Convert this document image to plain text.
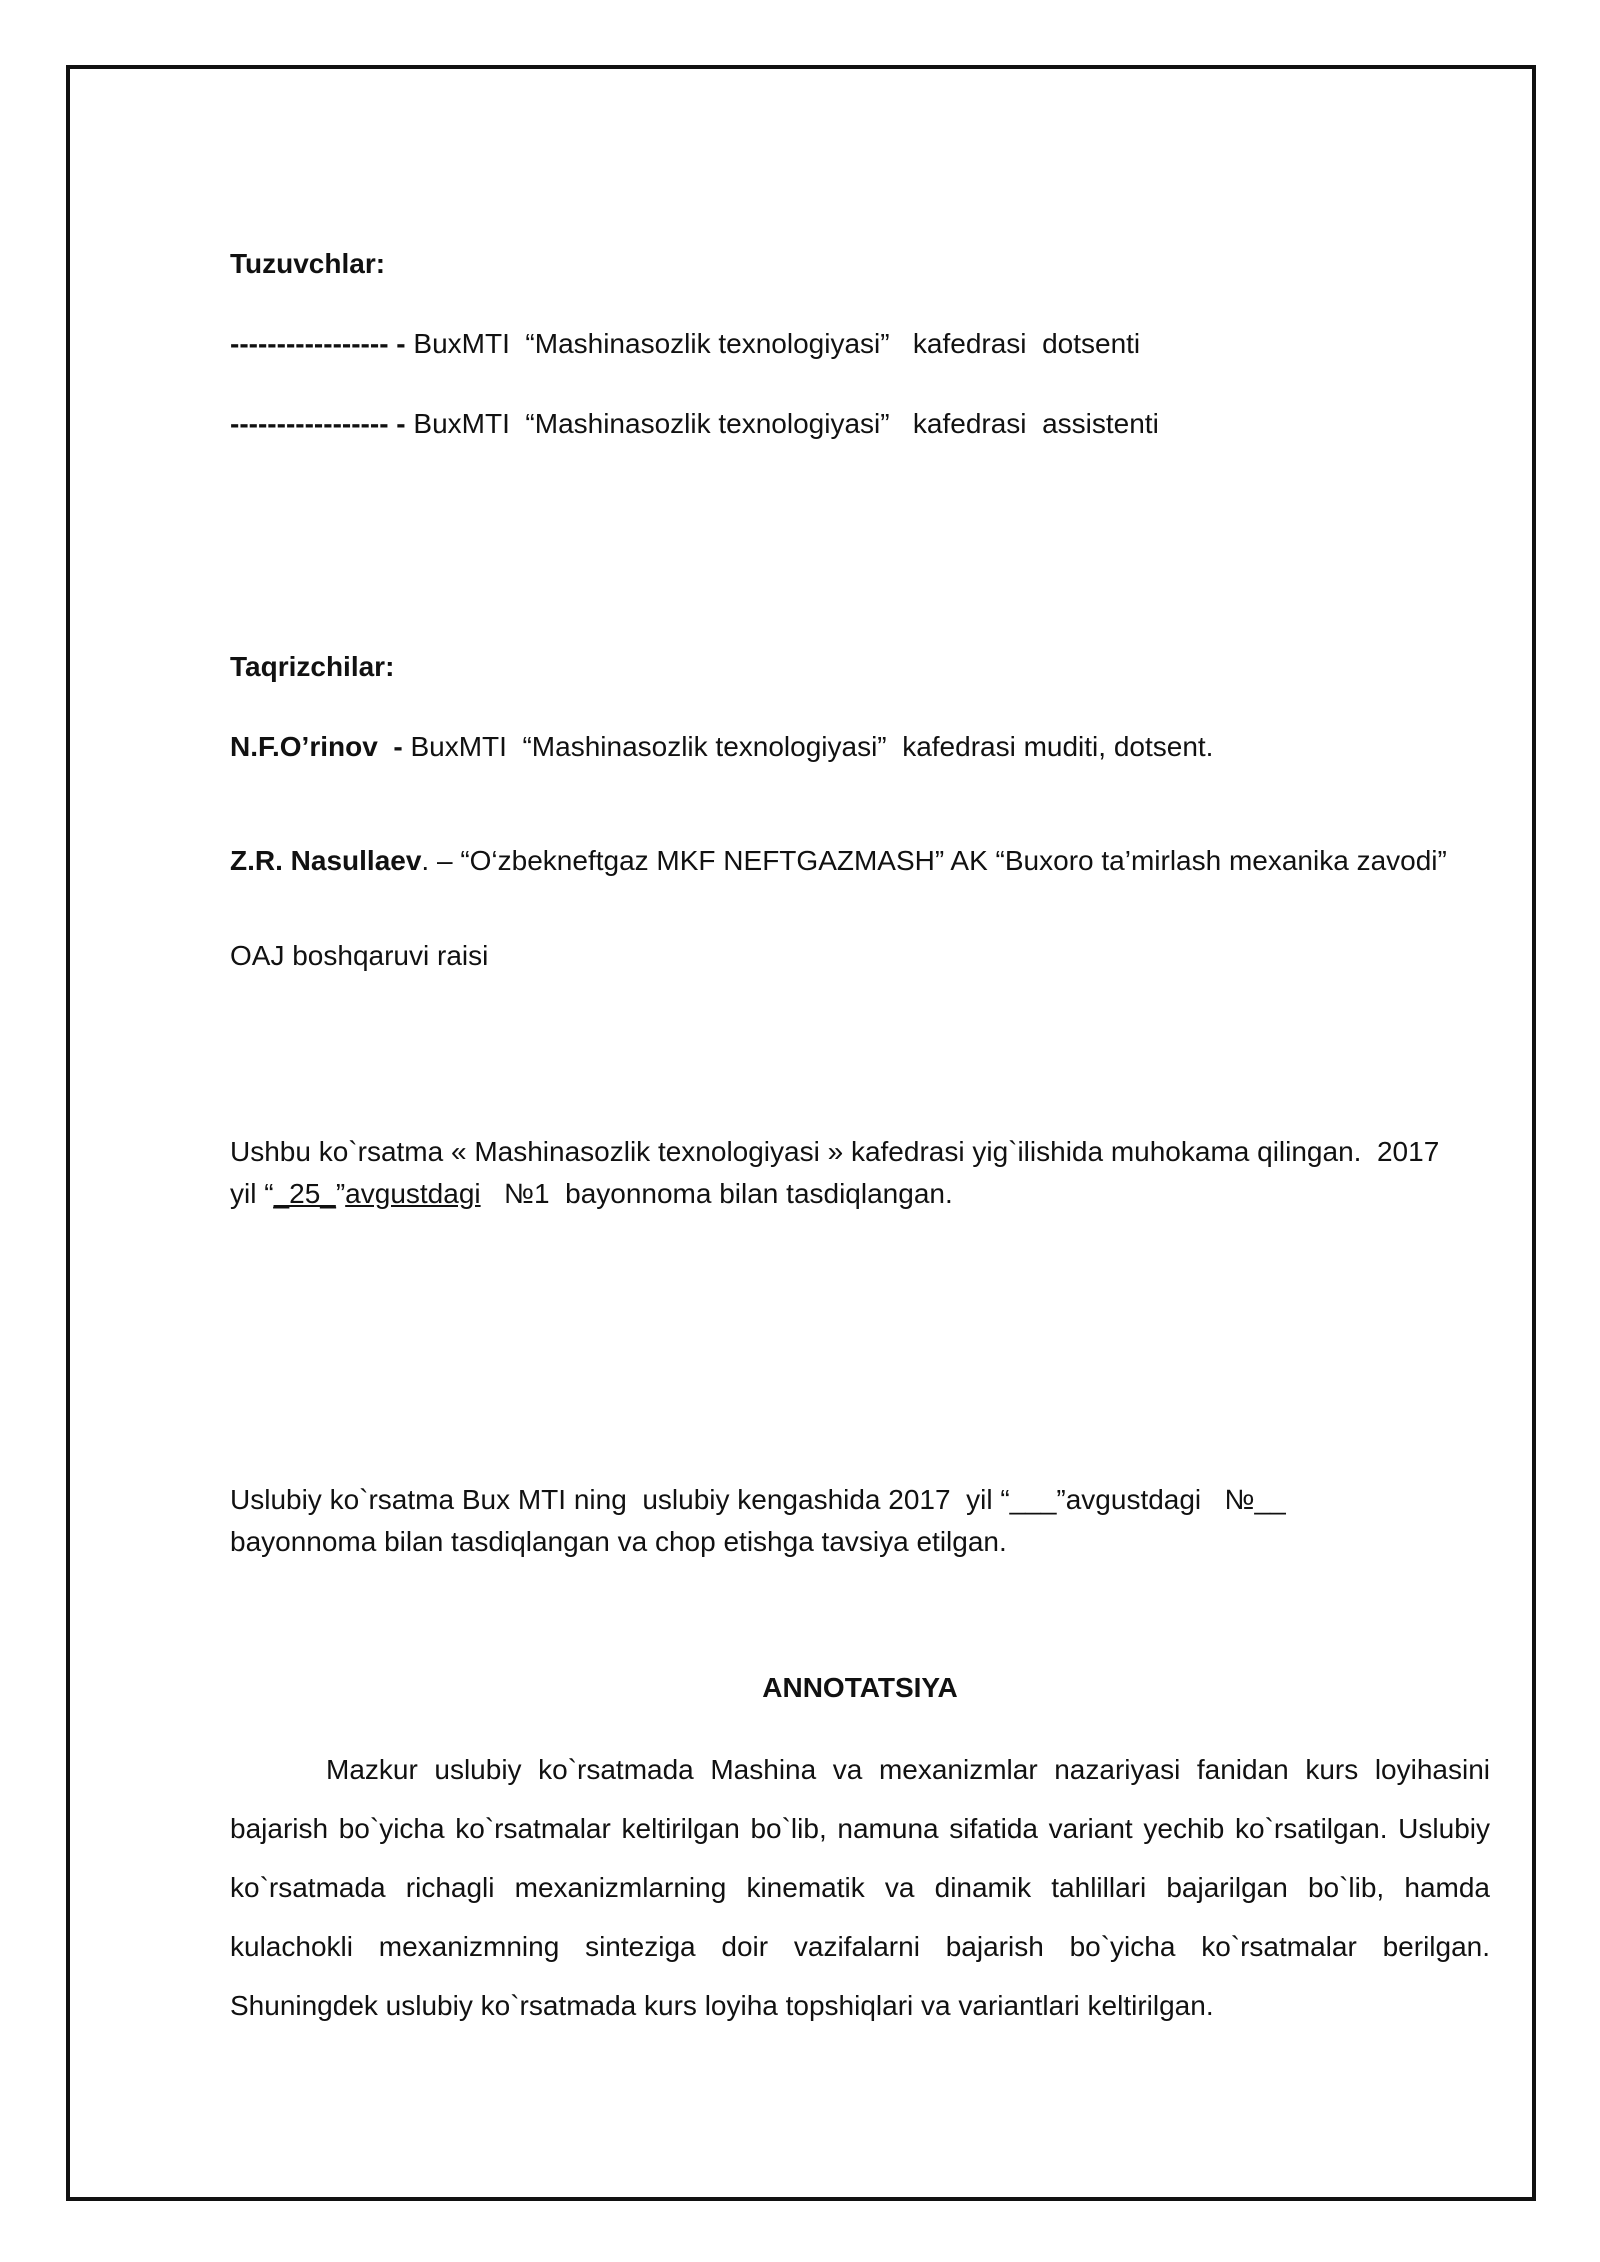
Tuzuvchlar:
----------------- - BuxMTI  “Mashinasozlik texnologiyasi”   kafedrasi  dotsenti
----------------- - BuxMTI  “Mashinasozlik texnologiyasi”   kafedrasi  assistenti
Taqrizchilar:
N.F.O’rinov  - BuxMTI  “Mashinasozlik texnologiyasi”  kafedrasi muditi, dotsent.
Z.R. Nasullaev. – “O‘zbekneftgaz MKF NEFTGAZMASH” AK “Buxoro ta’mirlash mexanika zavodi”
OAJ boshqaruvi raisi
Ushbu ko`rsatma « Mashinasozlik texnologiyasi » kafedrasi yig`ilishida muhokama qilingan.  2017
yil “_25_”avgustdagi   №1  bayonnoma bilan tasdiqlangan.
Uslubiy ko`rsatma Bux MTI ning  uslubiy kengashida 2017  yil “___”avgustdagi   №__
bayonnoma bilan tasdiqlangan va chop etishga tavsiya etilgan.
ANNOTATSIYA
Mazkur uslubiy ko`rsatmada Mashina va mexanizmlar nazariyasi fanidan kurs loyihasini bajarish bo`yicha ko`rsatmalar keltirilgan bo`lib, namuna sifatida variant yechib ko`rsatilgan. Uslubiy ko`rsatmada richagli mexanizmlarning kinematik va dinamik tahlillari bajarilgan bo`lib, hamda kulachokli mexanizmning sinteziga doir vazifalarni bajarish bo`yicha ko`rsatmalar berilgan. Shuningdek uslubiy ko`rsatmada kurs loyiha topshiqlari va variantlari keltirilgan.
